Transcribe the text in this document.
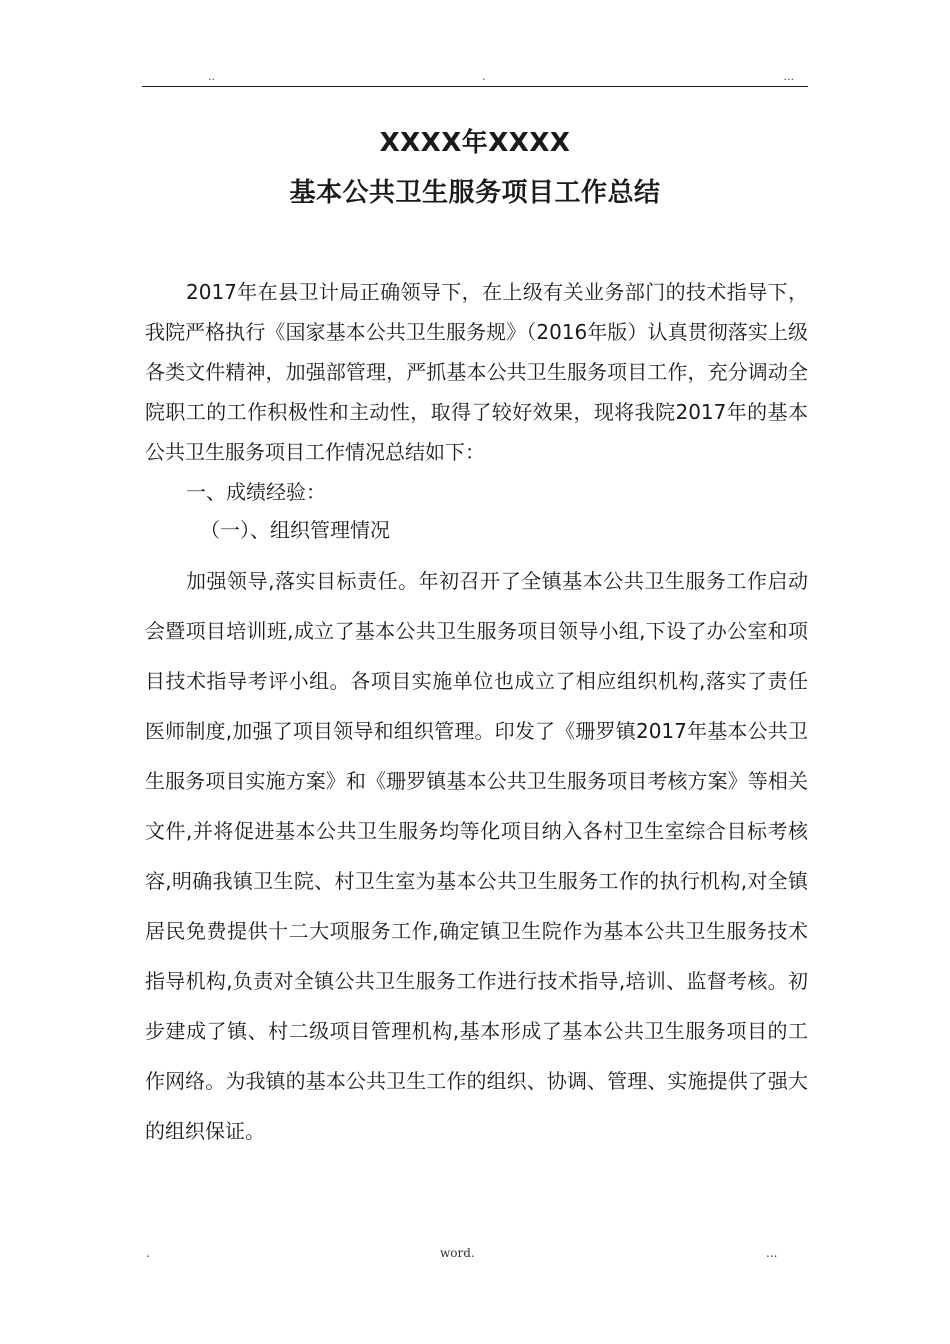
..	.	...
XXXX年XXXX
基本公共卫生服务项目工作总结
2017年在县卫计局正确领导下，在上级有关业务部门的技术指导下，我院严格执行《国家基本公共卫生服务规》（2016年版）认真贯彻落实上级各类文件精神，加强部管理，严抓基本公共卫生服务项目工作，充分调动全院职工的工作积极性和主动性，取得了较好效果，现将我院2017年的基本公共卫生服务项目工作情况总结如下：
一、成绩经验：
（一）、组织管理情况
加强领导,落实目标责任。年初召开了全镇基本公共卫生服务工作启动会暨项目培训班,成立了基本公共卫生服务项目领导小组,下设了办公室和项目技术指导考评小组。各项目实施单位也成立了相应组织机构,落实了责任医师制度,加强了项目领导和组织管理。印发了《珊罗镇2017年基本公共卫生服务项目实施方案》和《珊罗镇基本公共卫生服务项目考核方案》等相关文件,并将促进基本公共卫生服务均等化项目纳入各村卫生室综合目标考核容,明确我镇卫生院、村卫生室为基本公共卫生服务工作的执行机构,对全镇居民免费提供十二大项服务工作,确定镇卫生院作为基本公共卫生服务技术指导机构,负责对全镇公共卫生服务工作进行技术指导,培训、监督考核。初步建成了镇、村二级项目管理机构,基本形成了基本公共卫生服务项目的工作网络。为我镇的基本公共卫生工作的组织、协调、管理、实施提供了强大的组织保证。
.	word.	...
